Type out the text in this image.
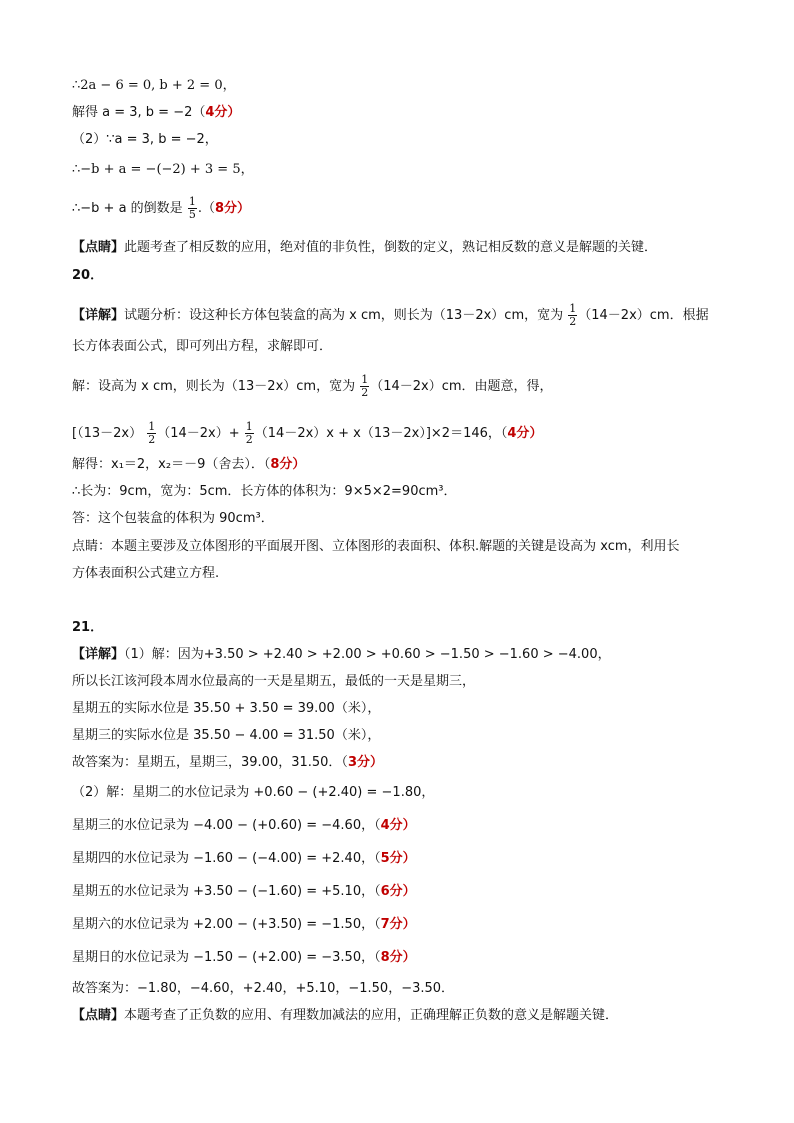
∴2a − 6 = 0, b + 2 = 0，
解得 a = 3, b = −2（4分）
（2）∵a = 3, b = −2，
∴−b + a = −(−2) + 3 = 5，
∴−b + a 的倒数是 $\frac{1}{5} .(8$分）
【点睛】此题考查了相反数的应用，绝对值的非负性，倒数的定义，熟记相反数的意义是解题的关键．
20．
【详解】试题分析：设这种长方体包装盒的高为 x cm，则长为（13－2x）cm，宽为 $\frac{1}{2} (14-2x)cm$．根据
长方体表面公式，即可列出方程，求解即可．
解：设高为 x cm，则长为（13－2x）cm，宽为 $\frac{1}{2} (14-2x)cm$．由题意，得，
$[(13-2x) \frac{1}{2} (14-2x)+ \frac{1}{2} (14-2x)x + x(13-2x)]\times 2=146$，（4分）
解得：x₁＝2，x₂＝－9（舍去）．（8分）
∴长为：9cm，宽为：5cm．长方体的体积为：9×5×2=90cm³．
答：这个包装盒的体积为 90cm³．
点睛：本题主要涉及立体图形的平面展开图、立体图形的表面积、体积.解题的关键是设高为 xcm，利用长
方体表面积公式建立方程.
21．
【详解】（1）解：因为+3.50 > +2.40 > +2.00 > +0.60 > −1.50 > −1.60 > −4.00，
所以长江该河段本周水位最高的一天是星期五，最低的一天是星期三，
星期五的实际水位是 35.50 + 3.50 = 39.00（米），
星期三的实际水位是 35.50 − 4.00 = 31.50（米），
故答案为：星期五，星期三，39.00，31.50．（3分）
（2）解：星期二的水位记录为 +0.60 − (+2.40) = −1.80，
星期三的水位记录为 −4.00 − (+0.60) = −4.60，（4分）
星期四的水位记录为 −1.60 − (−4.00) = +2.40，（5分）
星期五的水位记录为 +3.50 − (−1.60) = +5.10，（6分）
星期六的水位记录为 +2.00 − (+3.50) = −1.50，（7分）
星期日的水位记录为 −1.50 − (+2.00) = −3.50，（8分）
故答案为：−1.80，−4.60，+2.40，+5.10，−1.50，−3.50．
【点睛】本题考查了正负数的应用、有理数加减法的应用，正确理解正负数的意义是解题关键．
